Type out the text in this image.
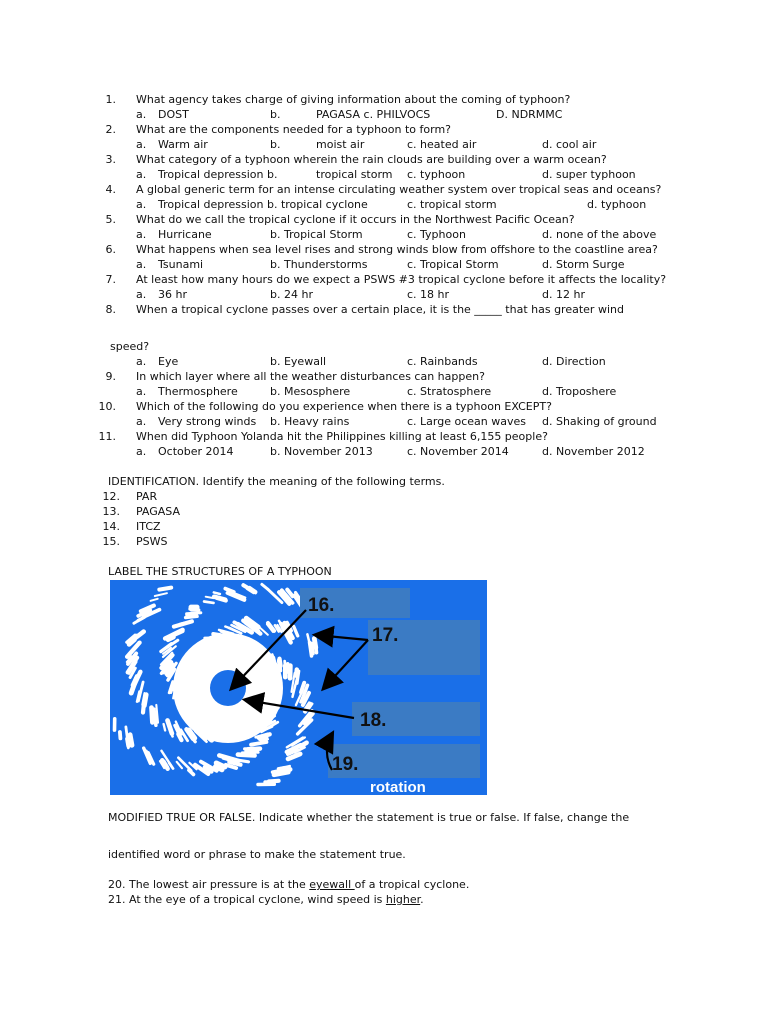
1. What agency takes charge of giving information about the coming of typhoon?
a. DOST	b.	PAGASA c. PHILVOCS	D. NDRMMC
2. What are the components needed for a typhoon to form?
a. Warm air	b.	moist air	c. heated air	d. cool air
3. What category of a typhoon wherein the rain clouds are building over a warm ocean?
a. Tropical depression b.	tropical storm c. typhoon	d. super typhoon
4. A global generic term for an intense circulating weather system over tropical seas and oceans?
a. Tropical depression b. tropical cyclone	c. tropical storm	d. typhoon
5. What do we call the tropical cyclone if it occurs in the Northwest Pacific Ocean?
a. Hurricane	b. Tropical Storm	c. Typhoon	d. none of the above
6. What happens when sea level rises and strong winds blow from offshore to the coastline area?
a. Tsunami	b. Thunderstorms	c. Tropical Storm	d. Storm Surge
7. At least how many hours do we expect a PSWS #3 tropical cyclone before it affects the locality?
a. 36 hr	b. 24 hr	c. 18 hr	d. 12 hr
8. When a tropical cyclone passes over a certain place, it is the _____ that has greater wind
speed?
a. Eye	b. Eyewall	c. Rainbands	d. Direction
9. In which layer where all the weather disturbances can happen?
a. Thermosphere	b. Mesosphere	c. Stratosphere	d. Troposhere
10. Which of the following do you experience when there is a typhoon EXCEPT?
a. Very strong winds b. Heavy rains	c. Large ocean waves d. Shaking of ground
11. When did Typhoon Yolanda hit the Philippines killing at least 6,155 people?
a. October 2014	b. November 2013	c. November 2014	d. November 2012
IDENTIFICATION. Identify the meaning of the following terms.
12. PAR
13. PAGASA
14. ITCZ
15. PSWS
LABEL THE STRUCTURES OF A TYPHOON
16.
17.
18.
19.
rotation
MODIFIED TRUE OR FALSE. Indicate whether the statement is true or false. If false, change the
identified word or phrase to make the statement true.
20. The lowest air pressure is at the eyewall of a tropical cyclone.
21. At the eye of a tropical cyclone, wind speed is higher.
